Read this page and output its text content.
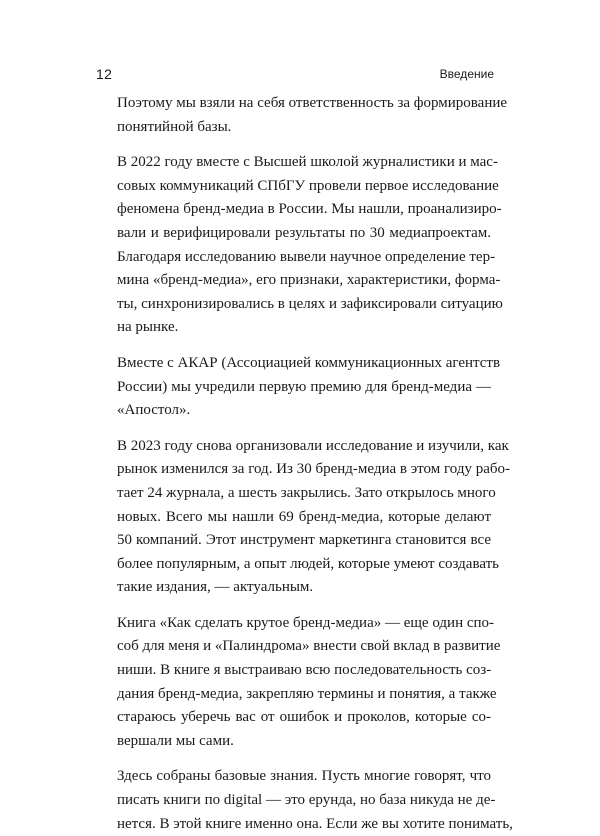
12	Введение
Поэтому мы взяли на себя ответственность за формирование
понятийной базы.
В 2022 году вместе с Высшей школой журналистики и мас-
совых коммуникаций СПбГУ провели первое исследование
феномена бренд-медиа в России. Мы нашли, проанализиро-
вали и верифицировали результаты по 30 медиапроектам.
Благодаря исследованию вывели научное определение тер-
мина «бренд-медиа», его признаки, характеристики, форма-
ты, синхронизировались в целях и зафиксировали ситуацию
на рынке.
Вместе с АКАР (Ассоциацией коммуникационных агентств
России) мы учредили первую премию для бренд-медиа —
«Апостол».
В 2023 году снова организовали исследование и изучили, как
рынок изменился за год. Из 30 бренд-медиа в этом году рабо-
тает 24 журнала, а шесть закрылись. Зато открылось много
новых. Всего мы нашли 69 бренд-медиа, которые делают
50 компаний. Этот инструмент маркетинга становится все
более популярным, а опыт людей, которые умеют создавать
такие издания, — актуальным.
Книга «Как сделать крутое бренд-медиа» — еще один спо-
соб для меня и «Палиндрома» внести свой вклад в развитие
ниши. В книге я выстраиваю всю последовательность соз-
дания бренд-медиа, закрепляю термины и понятия, а также
стараюсь уберечь вас от ошибок и проколов, которые со-
вершали мы сами.
Здесь собраны базовые знания. Пусть многие говорят, что
писать книги по digital — это ерунда, но база никуда не де-
нется. В этой книге именно она. Если же вы хотите понимать,
